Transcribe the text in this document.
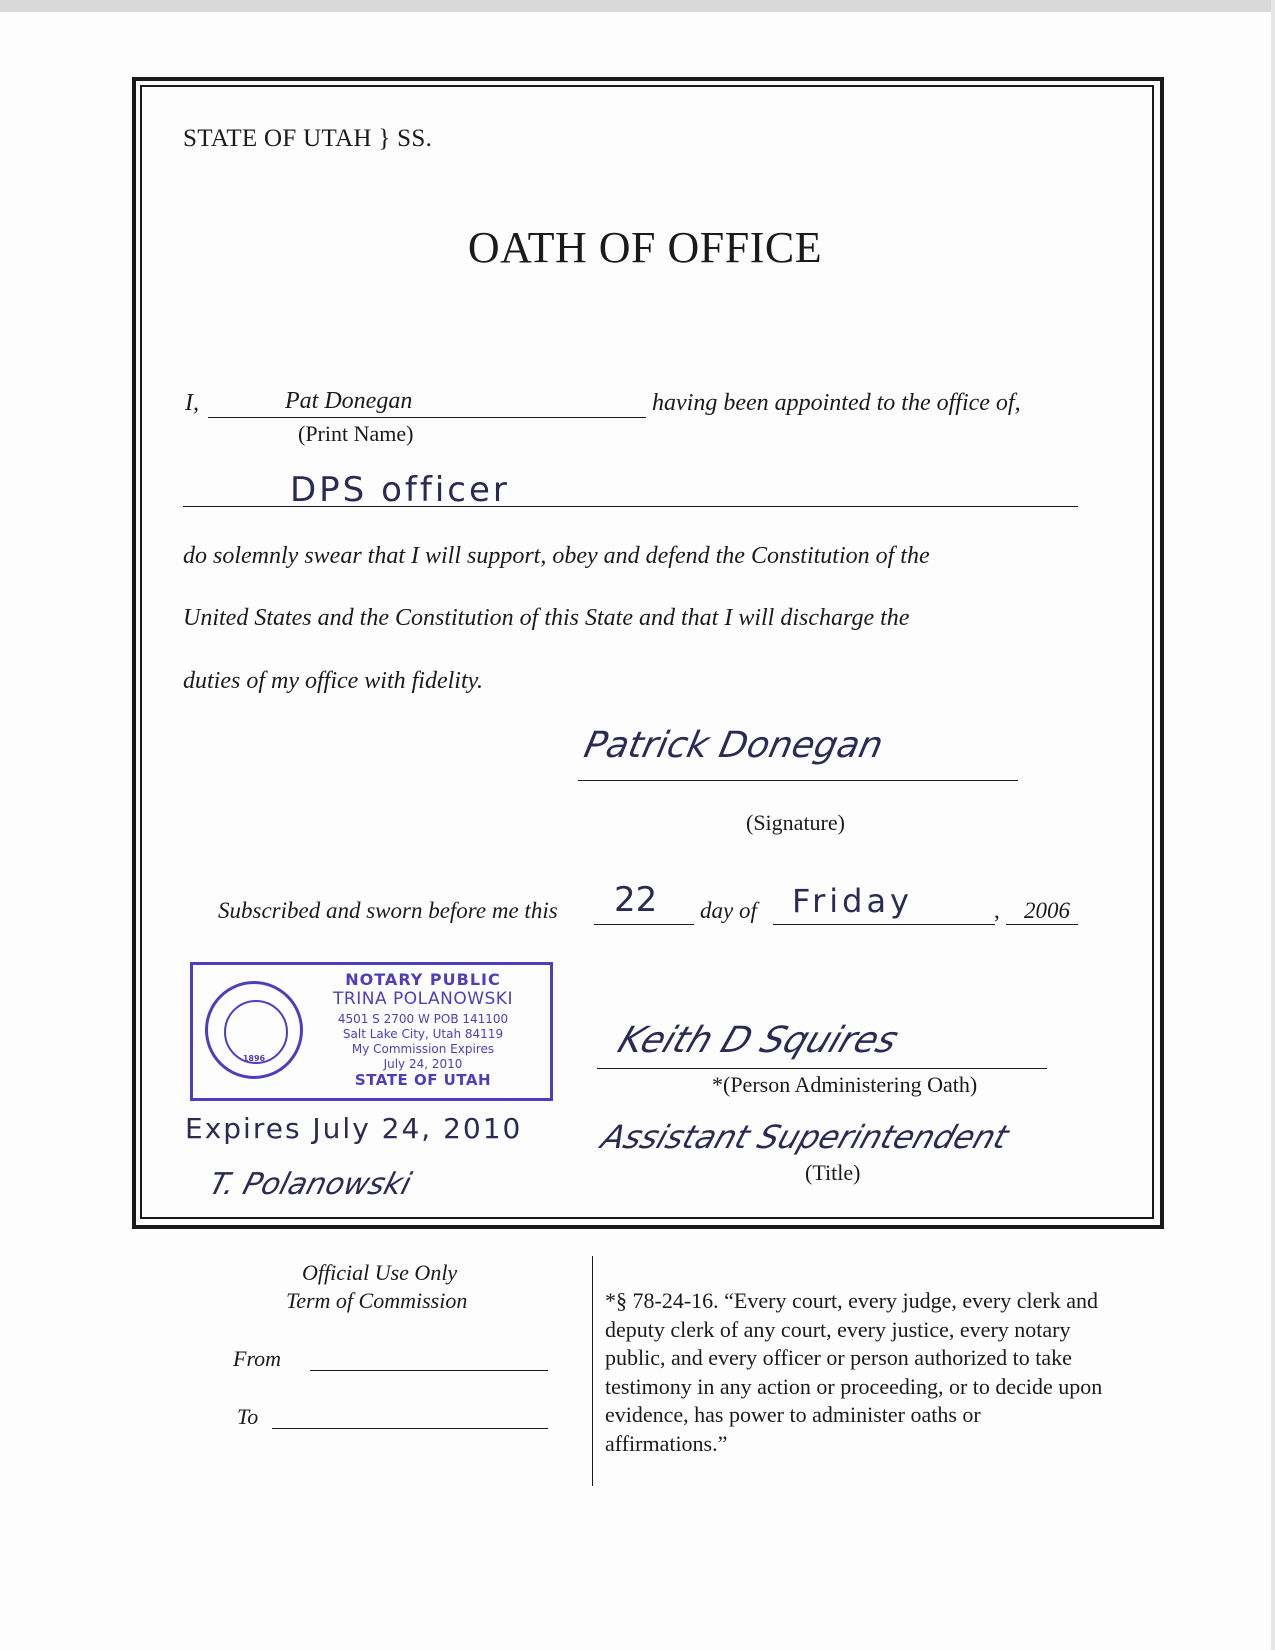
STATE OF UTAH } SS.
OATH OF OFFICE
I,	Pat Donegan	having been appointed to the office of,
(Print Name)
DPS officer
do solemnly swear that I will support, obey and defend the Constitution of the
United States and the Constitution of this State and that I will discharge the
duties of my office with fidelity.
Patrick Donegan
(Signature)
Subscribed and sworn before me this 22 day of Friday	, 2006
1896
NOTARY PUBLIC
TRINA POLANOWSKI
4501 S 2700 W POB 141100
Salt Lake City, Utah 84119
My Commission Expires
July 24, 2010
STATE OF UTAH
Expires July 24, 2010
T. Polanowski
Keith D Squires
*(Person Administering Oath)
Assistant Superintendent
(Title)
Official Use Only
Term of Commission
From
To
*§ 78-24-16. “Every court, every judge, every clerk and deputy clerk of any court, every justice, every notary public, and every officer or person authorized to take testimony in any action or proceeding, or to decide upon evidence, has power to administer oaths or affirmations.”
